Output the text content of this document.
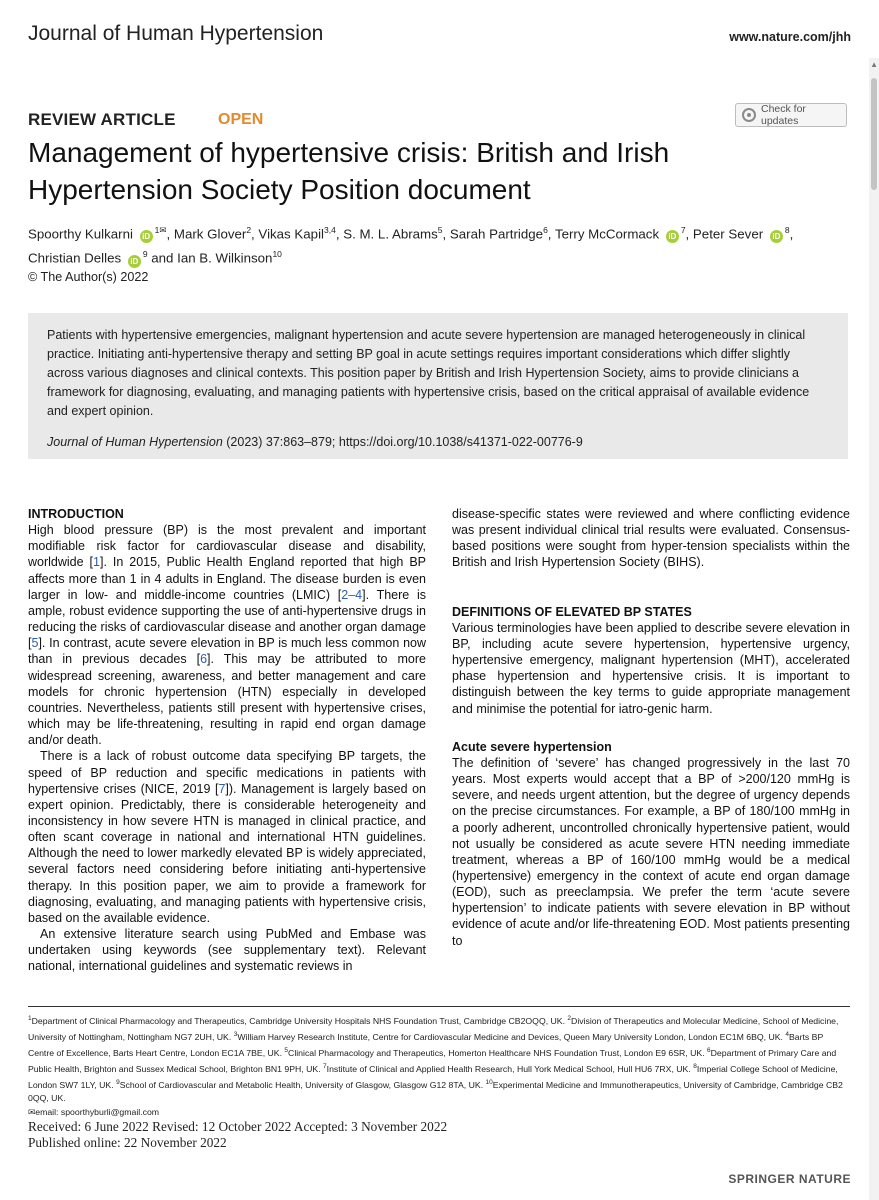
Journal of Human Hypertension	www.nature.com/jhh
▲
REVIEW ARTICLE	OPEN
Check for updates
Management of hypertensive crisis: British and Irish Hypertension Society Position document
Spoorthy Kulkarni $iD^{1✉}$, Mark Glover$^2$, Vikas Kapil$^{3,4}$, S. M. L. Abrams$^5$, Sarah Partridge$^6$, Terry McCormack $iD^7$, Peter Sever $iD^8$, Christian Delles $iD^9$ and Ian B. Wilkinson$^{10}$
© The Author(s) 2022
Patients with hypertensive emergencies, malignant hypertension and acute severe hypertension are managed heterogeneously in clinical practice. Initiating anti-hypertensive therapy and setting BP goal in acute settings requires important considerations which differ slightly across various diagnoses and clinical contexts. This position paper by British and Irish Hypertension Society, aims to provide clinicians a framework for diagnosing, evaluating, and managing patients with hypertensive crisis, based on the critical appraisal of available evidence and expert opinion.
Journal of Human Hypertension (2023) 37:863–879; https://doi.org/10.1038/s41371-022-00776-9

INTRODUCTION

High blood pressure (BP) is the most prevalent and important modifiable risk factor for cardiovascular disease and disability, worldwide [1]. In 2015, Public Health England reported that high BP affects more than 1 in 4 adults in England. The disease burden is even larger in low- and middle-income countries (LMIC) [2–4]. There is ample, robust evidence supporting the use of anti-hypertensive drugs in reducing the risks of cardiovascular disease and another organ damage [5]. In contrast, acute severe elevation in BP is much less common now than in previous decades [6]. This may be attributed to more widespread screening, awareness, and better management and care models for chronic hypertension (HTN) especially in developed countries. Nevertheless, patients still present with hypertensive crises, which may be life-threatening, resulting in rapid end organ damage and/or death.

There is a lack of robust outcome data specifying BP targets, the speed of BP reduction and specific medications in patients with hypertensive crises (NICE, 2019 [7]). Management is largely based on expert opinion. Predictably, there is considerable heterogeneity and inconsistency in how severe HTN is managed in clinical practice, and often scant coverage in national and international HTN guidelines. Although the need to lower markedly elevated BP is widely appreciated, several factors need considering before initiating anti-hypertensive therapy. In this position paper, we aim to provide a framework for diagnosing, evaluating, and managing patients with hypertensive crisis, based on the available evidence.

An extensive literature search using PubMed and Embase was undertaken using keywords (see supplementary text). Relevant national, international guidelines and systematic reviews in

disease-specific states were reviewed and where conflicting evidence was present individual clinical trial results were evaluated. Consensus-based positions were sought from hyper-tension specialists within the British and Irish Hypertension Society (BIHS).

DEFINITIONS OF ELEVATED BP STATES

Various terminologies have been applied to describe severe elevation in BP, including acute severe hypertension, hypertensive urgency, hypertensive emergency, malignant hypertension (MHT), accelerated phase hypertension and hypertensive crisis. It is important to distinguish between the key terms to guide appropriate management and minimise the potential for iatro-genic harm.

Acute severe hypertension

The definition of ‘severe’ has changed progressively in the last 70 years. Most experts would accept that a BP of >200/120 mmHg is severe, and needs urgent attention, but the degree of urgency depends on the precise circumstances. For example, a BP of 180/100 mmHg in a poorly adherent, uncontrolled chronically hypertensive patient, would not usually be considered as acute severe HTN needing immediate treatment, whereas a BP of 160/100 mmHg would be a medical (hypertensive) emergency in the context of acute end organ damage (EOD), such as preeclampsia. We prefer the term ‘acute severe hypertension’ to indicate patients with severe elevation in BP without evidence of acute and/or life-threatening EOD. Most patients presenting to

$^1$Department of Clinical Pharmacology and Therapeutics, Cambridge University Hospitals NHS Foundation Trust, Cambridge CB2OQQ, UK. $^2$Division of Therapeutics and Molecular Medicine, School of Medicine, University of Nottingham, Nottingham NG7 2UH, UK. $^3$William Harvey Research Institute, Centre for Cardiovascular Medicine and Devices, Queen Mary University London, London EC1M 6BQ, UK. $^4$Barts BP Centre of Excellence, Barts Heart Centre, London EC1A 7BE, UK. $^5$Clinical Pharmacology and Therapeutics, Homerton Healthcare NHS Foundation Trust, London E9 6SR, UK. $^6$Department of Primary Care and Public Health, Brighton and Sussex Medical School, Brighton BN1 9PH, UK. $^7$Institute of Clinical and Applied Health Research, Hull York Medical School, Hull HU6 7RX, UK. $^8$Imperial College School of Medicine, London SW7 1LY, UK. $^9$School of Cardiovascular and Metabolic Health, University of Glasgow, Glasgow G12 8TA, UK. $^{10}$Experimental Medicine and Immunotherapeutics, University of Cambridge, Cambridge CB2 0QQ, UK.
✉email: spoorthyburli@gmail.com
Received: 6 June 2022 Revised: 12 October 2022 Accepted: 3 November 2022
Published online: 22 November 2022
SPRINGER NATURE
